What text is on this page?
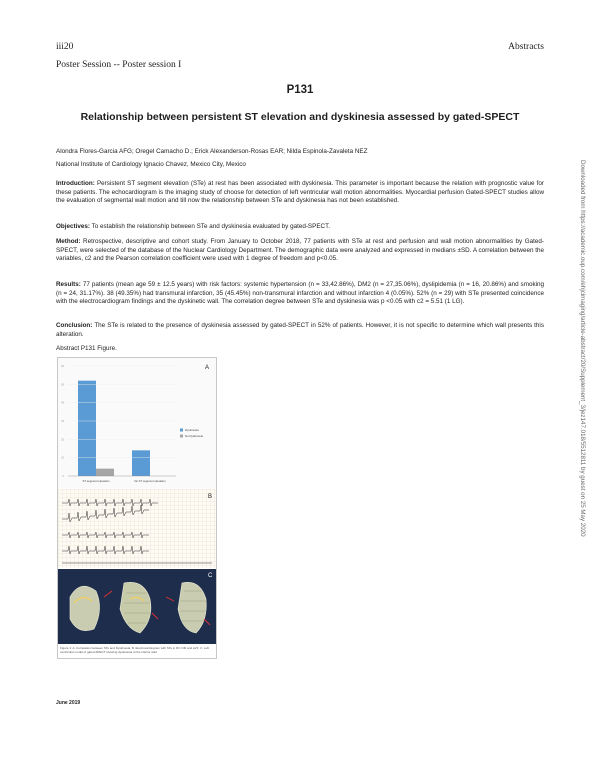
iii20	Abstracts
Poster Session -- Poster session I
P131
Relationship between persistent ST elevation and dyskinesia assessed by gated-SPECT
Alondra Flores-Garcia AFG; Oregel Camacho D.; Erick Alexanderson-Rosas EAR; Nilda Espinola-Zavaleta NEZ
National Institute of Cardiology Ignacio Chavez, Mexico City, Mexico
Introduction: Persistent ST segment elevation (STe) at rest has been associated with dyskinesia. This parameter is important because the relation with prognostic value for these patients. The echocardiogram is the imaging study of choose for detection of left ventricular wall motion abnormalities. Myocardial perfusion Gated-SPECT studies allow the evaluation of segmental wall motion and till now the relationship between STe and dyskinesia has not been established.
Objectives: To establish the relationship between STe and dyskinesia evaluated by gated-SPECT.
Method: Retrospective, descriptive and cohort study. From January to October 2018, 77 patients with STe at rest and perfusion and wall motion abnormalities by Gated-SPECT, were selected of the database of the Nuclear Cardiology Department. The demographic data were analyzed and expressed in medians ±SD. A correlation between the variables, c2 and the Pearson correlation coefficient were used with 1 degree of freedom and p<0.05.
Results: 77 patients (mean age 59 ± 12.5 years) with risk factors: systemic hypertension (n = 33,42.86%), DM2 (n = 27,35.06%), dyslipidemia (n = 16, 20.86%) and smoking (n = 24, 31.17%). 38 (49.35%) had transmural infarction, 35 (45.45%) non-transmural infarction and without infarction 4 (0.05%). 52% (n = 29) with STe presented coincidence with the electrocardiogram findings and the dyskinetic wall. The correlation degree between STe and dyskinesia was p <0.05 with c2 = 5.51 (1 LG).
Conclusion: The STe is related to the presence of dyskinesia assessed by gated-SPECT in 52% of patients. However, it is not specific to determine which wall presents this alteration.
Abstract P131 Figure.
A
0
10
20
30
40
50
60
ST segment elevation	No ST segment elevation
Dyskinesia
No Dyskinesia
B
C
Figure 1: A. Correlation between STe and Dyskinesia; B. Electrocardiogram with STe in DII, DIII and aVF; C. Left ventricular model of gated-SPECT showing dyskinesia of the inferior wall.
June 2019
Downloaded from https://academic.oup.com/ehjcimaging/article-abstract/20/Supplement_3/jez147.018/5512811 by guest on 25 May 2020
